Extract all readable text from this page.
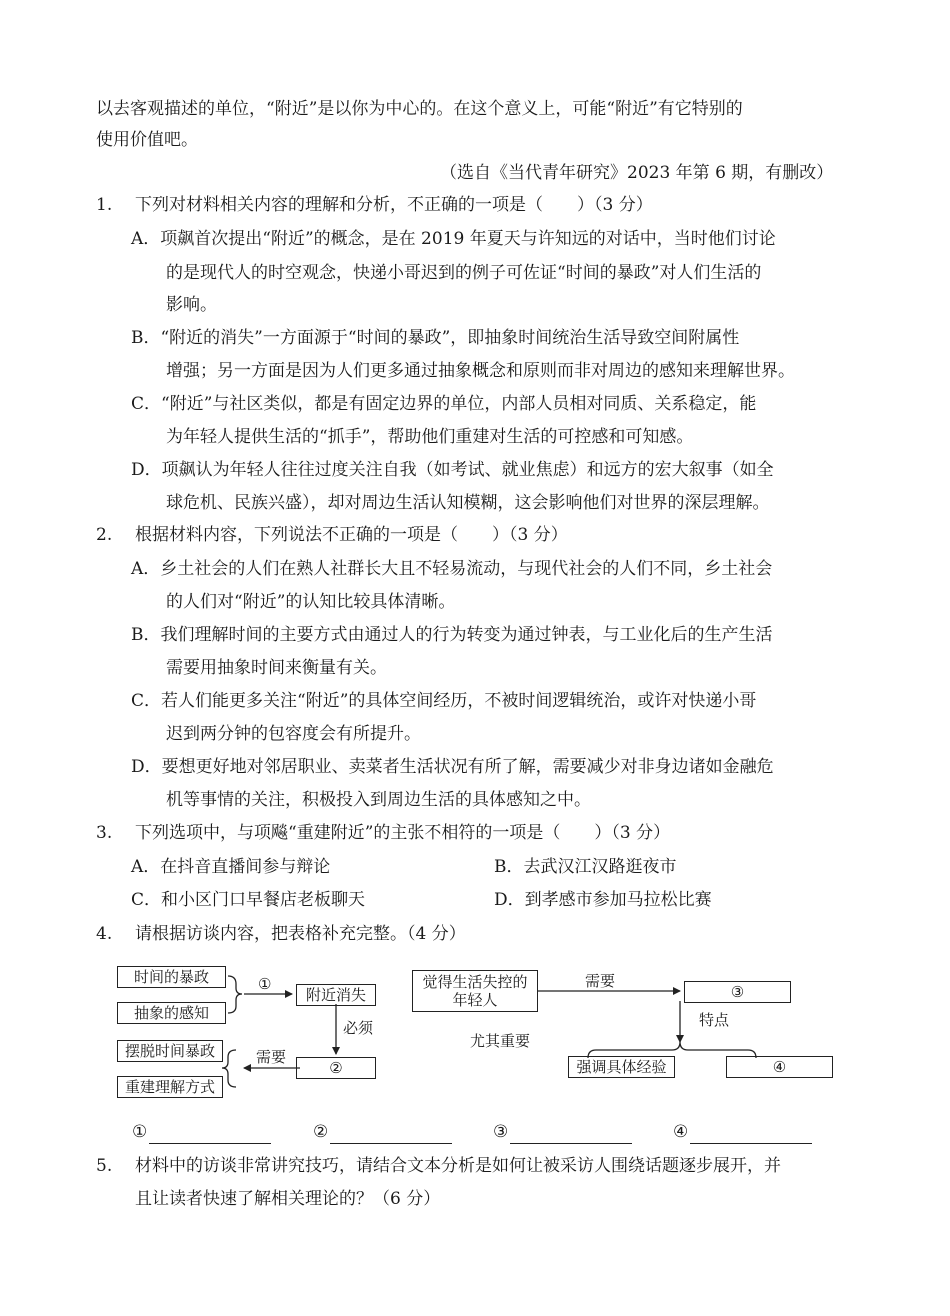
以去客观描述的单位，“附近”是以你为中心的。在这个意义上，可能“附近”有它特别的
使用价值吧。
（选自《当代青年研究》2023 年第 6 期，有删改）
1. 下列对材料相关内容的理解和分析，不正确的一项是（　　）（3 分）
A．项飙首次提出“附近”的概念，是在 2019 年夏天与许知远的对话中，当时他们讨论
的是现代人的时空观念，快递小哥迟到的例子可佐证“时间的暴政”对人们生活的
影响。
B．“附近的消失”一方面源于“时间的暴政”，即抽象时间统治生活导致空间附属性
增强；另一方面是因为人们更多通过抽象概念和原则而非对周边的感知来理解世界。
C．“附近”与社区类似，都是有固定边界的单位，内部人员相对同质、关系稳定，能
为年轻人提供生活的“抓手”，帮助他们重建对生活的可控感和可知感。
D．项飙认为年轻人往往过度关注自我（如考试、就业焦虑）和远方的宏大叙事（如全
球危机、民族兴盛），却对周边生活认知模糊，这会影响他们对世界的深层理解。
2. 根据材料内容，下列说法不正确的一项是（　　）（3 分）
A．乡土社会的人们在熟人社群长大且不轻易流动，与现代社会的人们不同，乡土社会
的人们对“附近”的认知比较具体清晰。
B．我们理解时间的主要方式由通过人的行为转变为通过钟表，与工业化后的生产生活
需要用抽象时间来衡量有关。
C．若人们能更多关注“附近”的具体空间经历，不被时间逻辑统治，或许对快递小哥
迟到两分钟的包容度会有所提升。
D．要想更好地对邻居职业、卖菜者生活状况有所了解，需要减少对非身边诸如金融危
机等事情的关注，积极投入到周边生活的具体感知之中。
3. 下列选项中，与项飚“重建附近”的主张不相符的一项是（　　）（3 分）
A．在抖音直播间参与辩论	B．去武汉江汉路逛夜市
C．和小区门口早餐店老板聊天	D．到孝感市参加马拉松比赛
4. 请根据访谈内容，把表格补充完整。（4 分）
时间的暴政
抽象的感知
①
附近消失
必须
②
需要
摆脱时间暴政
重建理解方式
觉得生活失控的
年轻人
需要
③
特点
尤其重要
强调具体经验	④
①	②	③	④
5. 材料中的访谈非常讲究技巧，请结合文本分析是如何让被采访人围绕话题逐步展开，并
且让读者快速了解相关理论的？（6 分）
